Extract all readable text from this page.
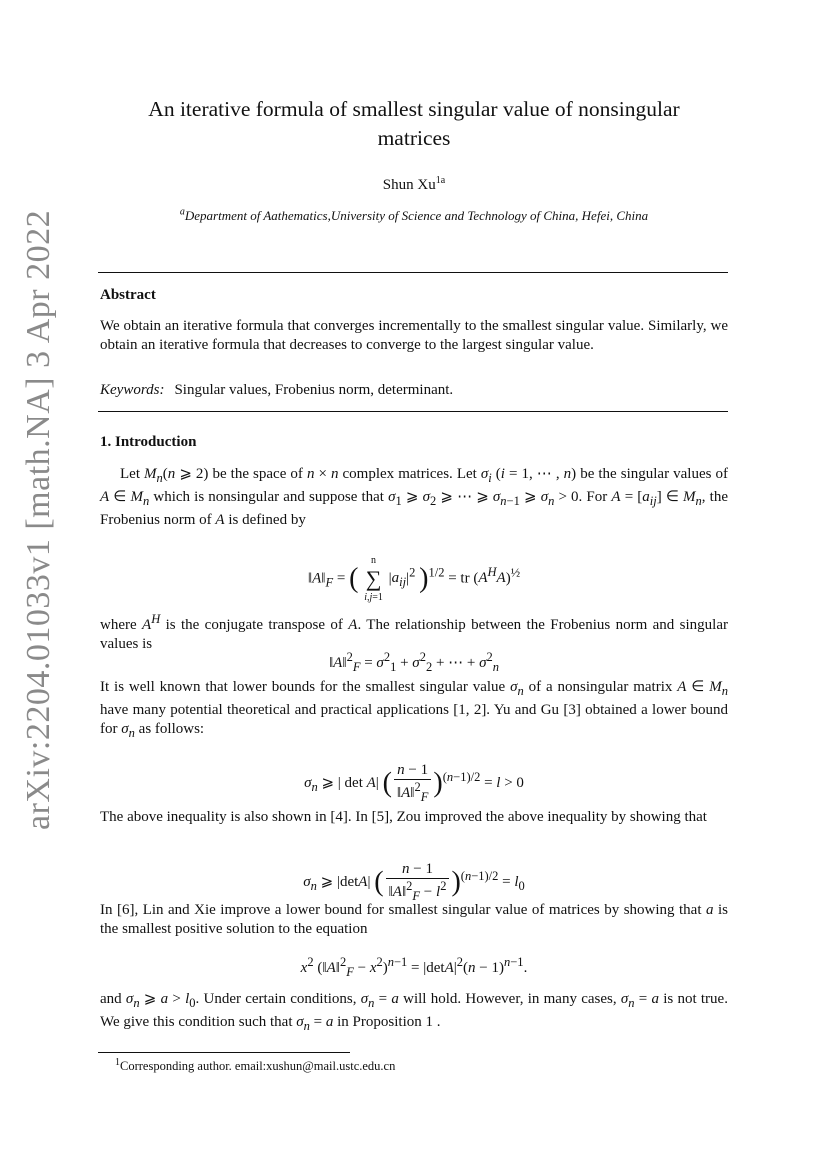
arXiv:2204.01033v1 [math.NA] 3 Apr 2022
An iterative formula of smallest singular value of nonsingular
matrices
Shun $Xu^{1a}$
$^a$Department of Aathematics,University of Science and Technology of China, Hefei, China
Abstract
We obtain an iterative formula that converges incrementally to the smallest singular value. Similarly, we obtain an iterative formula that decreases to converge to the largest singular value.
Keywords: Singular values, Frobenius norm, determinant.
1. Introduction
Let $M_n(n$ ⩾ 2) be the space of n × n complex matrices. Let $\sigma_i$ (i = 1, ⋯ , n) be the singular values of A ∈ $M_n$ which is nonsingular and suppose that $\sigma_1$ ⩾ $\sigma_2$ ⩾ ⋯ ⩾ $\sigma_{n-1}$ ⩾ $\sigma_n > 0$. For $A = [a_{ij}]$ ∈ $M_n$, the Frobenius norm of A is defined by
$‖A‖_F$ = (
n
∑
i,j=1
$|a_{ij}|^2$ )$^{1/2}$ = tr $(A^HA)^{\frac{1}{2}}$
where $A^H$ is the conjugate transpose of A. The relationship between the Frobenius norm and singular values is
‖A‖$^2_F$ = $\sigma^2_1 + \sigma^2_2$ + ⋯ + $\sigma^2_n$
It is well known that lower bounds for the smallest singular value $\sigma_n$ of a nonsingular matrix A ∈ $M_n$ have many potential theoretical and practical applications [1, 2]. Yu and Gu [3] obtained a lower bound for $\sigma_n$ as follows:
$\sigma_n$ ⩾ | det A| ( $\frac{n - 1}{‖A‖^2_F} )^{(n-1)/2} = l > 0$
The above inequality is also shown in [4]. In [5], Zou improved the above inequality by showing that
$\sigma_n$ ⩾ |detA| ( $\frac{n - 1}{‖A‖^2_F - l^2} )^{(n-1)/2} = l_0$
In [6], Lin and Xie improve a lower bound for smallest singular value of matrices by showing that a is the smallest positive solution to the equation
$x^2$ (‖A‖$^2_F$ − $x^2)^{n-1} = |\det A|^2(n - 1)^{n-1}$.
and $\sigma_n$ ⩾ $a > l_0$. Under certain conditions, $\sigma_n = a$ will hold. However, in many cases, $\sigma_n = a$ is not true. We give this condition such that $\sigma_n = a$ in Proposition 1 .
$^1$Corresponding author. email:xushun@mail.ustc.edu.cn
